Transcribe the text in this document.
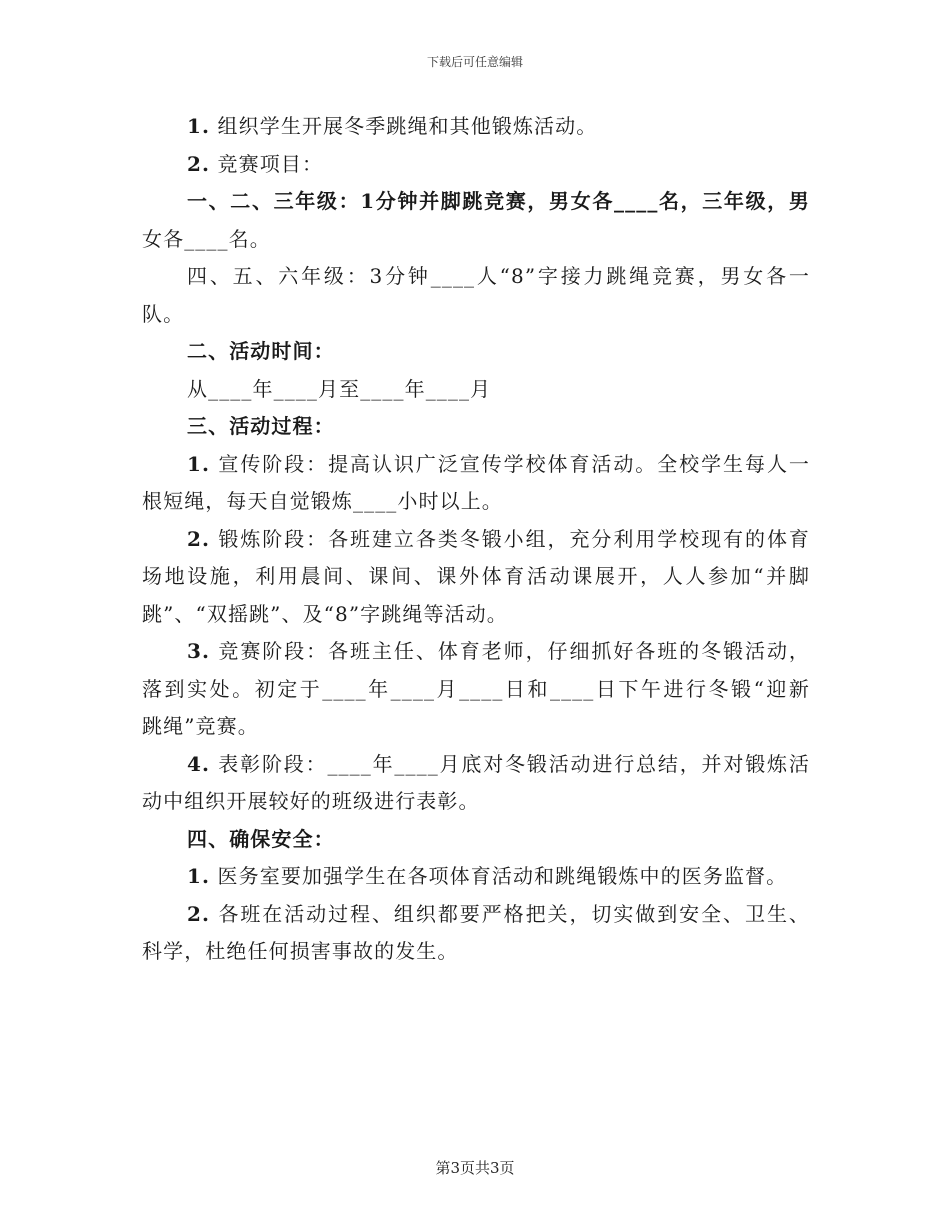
下载后可任意编辑
1. 组织学生开展冬季跳绳和其他锻炼活动。
2. 竞赛项目：
一、二、三年级：1分钟并脚跳竞赛，男女各____名，三年级，男
女各____名。
四、五、六年级：3分钟____人“8”字接力跳绳竞赛，男女各一
队。
二、活动时间：
从____年____月至____年____月
三、活动过程：
1. 宣传阶段：提高认识广泛宣传学校体育活动。全校学生每人一
根短绳，每天自觉锻炼____小时以上。
2. 锻炼阶段：各班建立各类冬锻小组，充分利用学校现有的体育
场地设施，利用晨间、课间、课外体育活动课展开，人人参加“并脚
跳”、“双摇跳”、及“8”字跳绳等活动。
3. 竞赛阶段：各班主任、体育老师，仔细抓好各班的冬锻活动，
落到实处。初定于____年____月____日和____日下午进行冬锻“迎新
跳绳”竞赛。
4. 表彰阶段：____年____月底对冬锻活动进行总结，并对锻炼活
动中组织开展较好的班级进行表彰。
四、确保安全：
1. 医务室要加强学生在各项体育活动和跳绳锻炼中的医务监督。
2. 各班在活动过程、组织都要严格把关，切实做到安全、卫生、
科学，杜绝任何损害事故的发生。
第3页共3页
